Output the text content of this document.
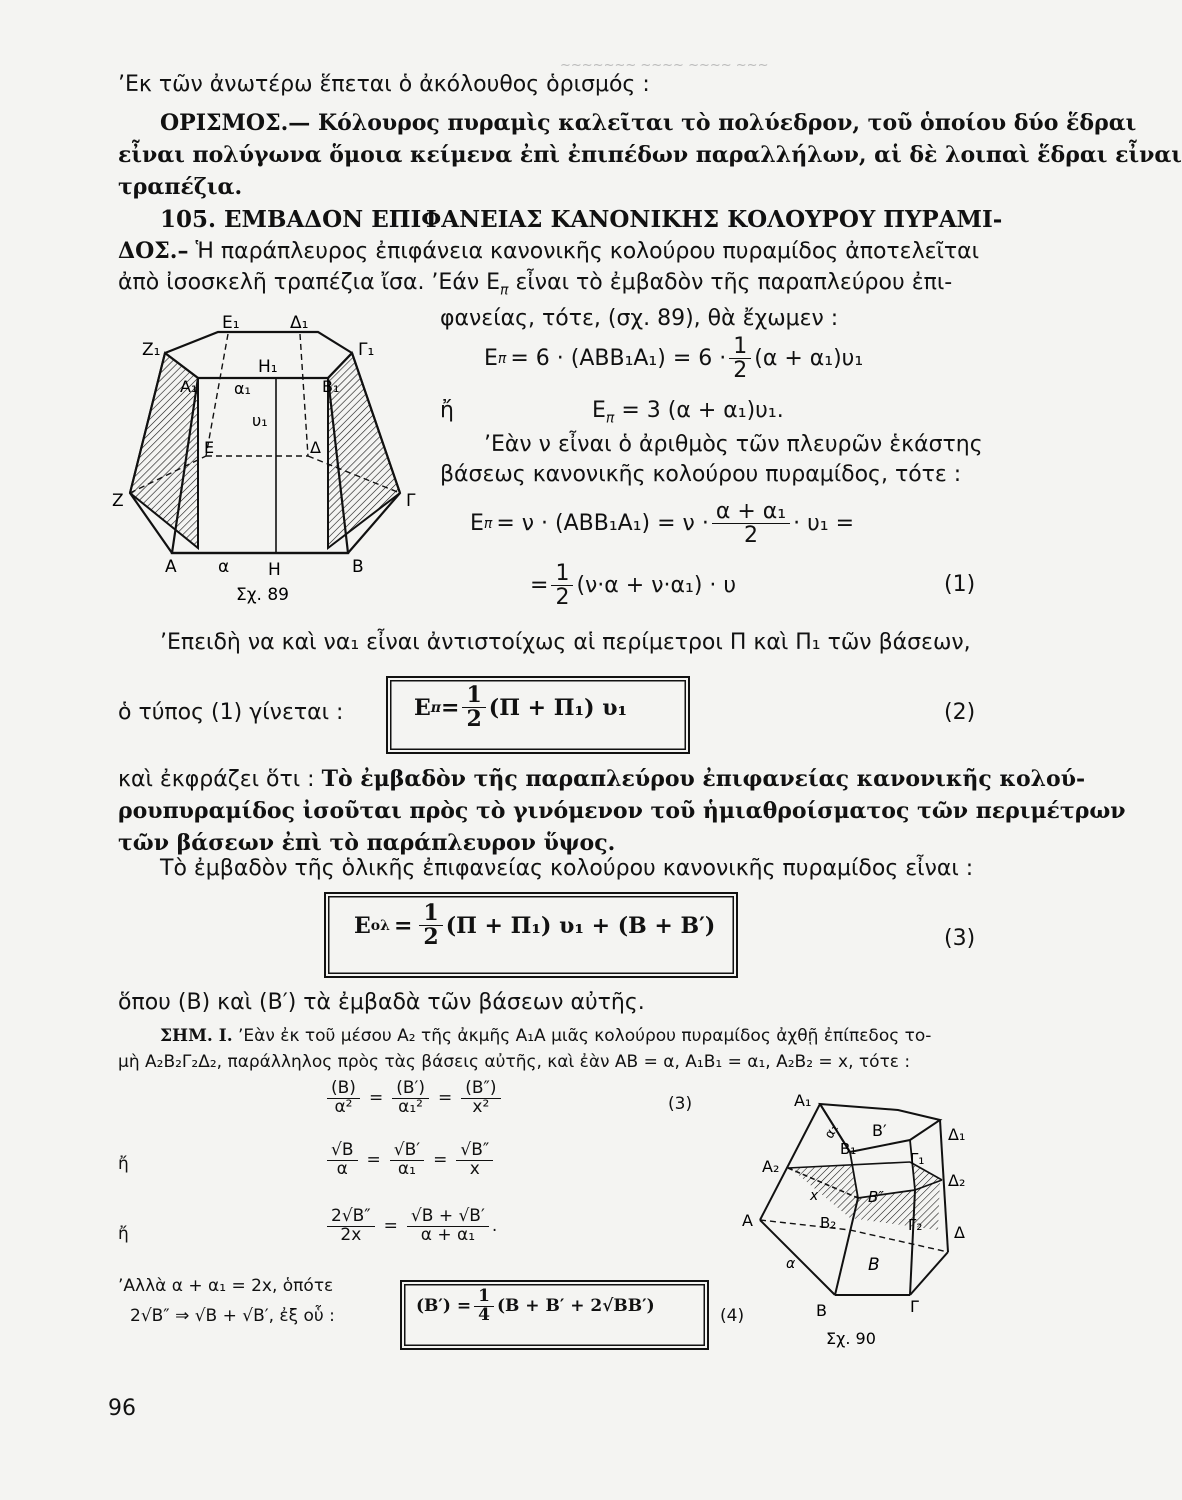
~~~~~~~ ~~~~ ~~~~ ~~~
’Εκ τῶν ἀνωτέρω ἕπεται ὁ ἀκόλουθος ὁρισμός :
ΟΡΙΣΜΟΣ.— Κόλουρος πυραμὶς καλεῖται τὸ πολύεδρον, τοῦ ὁποίου δύο ἕδραι
εἶναι πολύγωνα ὅμοια κείμενα ἐπὶ ἐπιπέδων παραλλήλων, αἱ δὲ λοιπαὶ ἕδραι εἶναι
τραπέζια.
105. ΕΜΒΑΔΟΝ ΕΠΙΦΑΝΕΙΑΣ ΚΑΝΟΝΙΚΗΣ ΚΟΛΟΥΡΟΥ ΠΥΡΑΜΙ-
ΔΟΣ.– Ἡ παράπλευρος ἐπιφάνεια κανονικῆς κολούρου πυραμίδος ἀποτελεῖται
ἀπὸ ἰσοσκελῆ τραπέζια ἴσα. ’Εάν $E_\pi$ εἶναι τὸ ἐμβαδὸν τῆς παραπλεύρου ἐπι-
φανείας, τότε, (σχ. 89), θὰ ἔχωμεν :
E $\pi = 6 \cdot (ABB_1A_1) = 6 \cdot \frac{1}{2} (\alpha + \alpha_1)\upsilon_1$
ἤ	$E_\pi = 3$ (α + α₁)υ₁.
’Εὰν ν εἶναι ὁ ἀριθμὸς τῶν πλευρῶν ἑκάστης
βάσεως κανονικῆς κολούρου πυραμίδος, τότε :
E $\pi = \nu \cdot (ABB_1A_1) = \nu \cdot \frac{\text{α + α₁}}{2} \cdot \upsilon_1$ =
= $\frac{1}{2} (\nu\cdot\alpha + \nu\cdot\alpha_1) \cdot \upsilon$	(1)
Ε₁	Δ₁
Ζ₁	Γ₁
Η₁
Α₁ α₁	Β₁
υ₁
Ε	Δ
Ζ	Γ
Α α Η	Β
Σχ. 89
’Επειδὴ να καὶ να₁ εἶναι ἀντιστοίχως αἱ περίμετροι Π καὶ Π₁ τῶν βάσεων,
ὁ τύπος (1) γίνεται :	E $\pi = \frac{1}{2} (\Pi + \Pi_1)$ υ₁	(2)
καὶ ἐκφράζει ὅτι : Τὸ ἐμβαδὸν τῆς παραπλεύρου ἐπιφανείας κανονικῆς κολού-
ρουπυραμίδος ἰσοῦται πρὸς τὸ γινόμενον τοῦ ἡμιαθροίσματος τῶν περιμέτρων
τῶν βάσεων ἐπὶ τὸ παράπλευρον ὕψος.
Τὸ ἐμβαδὸν τῆς ὁλικῆς ἐπιφανείας κολούρου κανονικῆς πυραμίδος εἶναι :
E $o\lambda = \frac{1}{2} (\Pi + \Pi_1) \upsilon_1 + (B + B')$	(3)
ὅπου (Β) καὶ (Β′) τὰ ἐμβαδὰ τῶν βάσεων αὐτῆς.
ΣΗΜ. Ι. ’Εὰν ἐκ τοῦ μέσου Α₂ τῆς ἀκμῆς Α₁Α μιᾶς κολούρου πυραμίδος ἀχθῇ ἐπίπεδος το-
μὴ Α₂Β₂Γ₂Δ₂, παράλληλος πρὸς τὰς βάσεις αὐτῆς, καὶ ἐὰν ΑΒ = α, Α₁Β₁ = α₁, Α₂Β₂ = x, τότε :
$\frac{(B)}{\text{α²}} = \frac{(B')}{\text{α₁²}} = \frac{(B'')}{\text{x²}}$	(3)
ἤ	$\frac{√B}{\alpha} = \frac{√B'}{\text{α₁}} = \frac{√B''}{x}$
ἤ	$\frac{2√B''}{2x} = \frac{√B + √B'}{\text{α + α₁}}$ .
’Αλλὰ α + α₁ = 2x, ὁπότε
2√Β″ ⇒ √Β + √Β′, ἐξ οὗ :	$(B') = \frac{1}{4} (B + B' + 2√BB')$	(4)
Α₁
Δ₁
α₁ Β′
Β₁
Γ₁
Α₂
Δ₂
Β″
x
Α	Β₂	Γ₂ Δ
α	Β
Β	Γ
Σχ. 90
96
